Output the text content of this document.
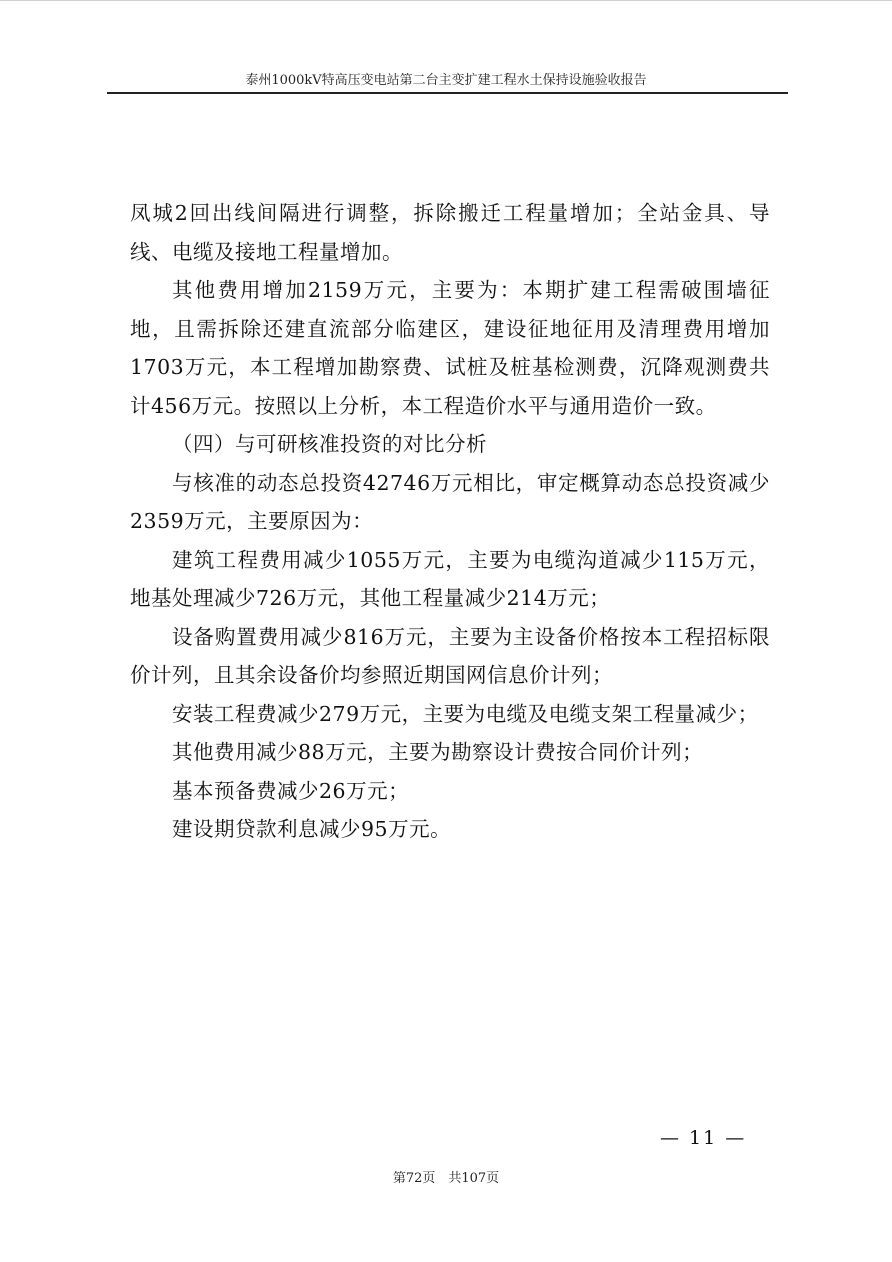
泰州1000kV特高压变电站第二台主变扩建工程水土保持设施验收报告

凤城2回出线间隔进行调整，拆除搬迁工程量增加；全站金具、导线、电缆及接地工程量增加。

其他费用增加2159万元，主要为：本期扩建工程需破围墙征地，且需拆除还建直流部分临建区，建设征地征用及清理费用增加1703万元，本工程增加勘察费、试桩及桩基检测费，沉降观测费共计456万元。按照以上分析，本工程造价水平与通用造价一致。

（四）与可研核准投资的对比分析

与核准的动态总投资42746万元相比，审定概算动态总投资减少2359万元，主要原因为：

建筑工程费用减少1055万元，主要为电缆沟道减少115万元，地基处理减少726万元，其他工程量减少214万元；

设备购置费用减少816万元，主要为主设备价格按本工程招标限价计列，且其余设备价均参照近期国网信息价计列；

安装工程费减少279万元，主要为电缆及电缆支架工程量减少；

其他费用减少88万元，主要为勘察设计费按合同价计列；

基本预备费减少26万元；

建设期贷款利息减少95万元。

— 11 —
第72页　共107页
